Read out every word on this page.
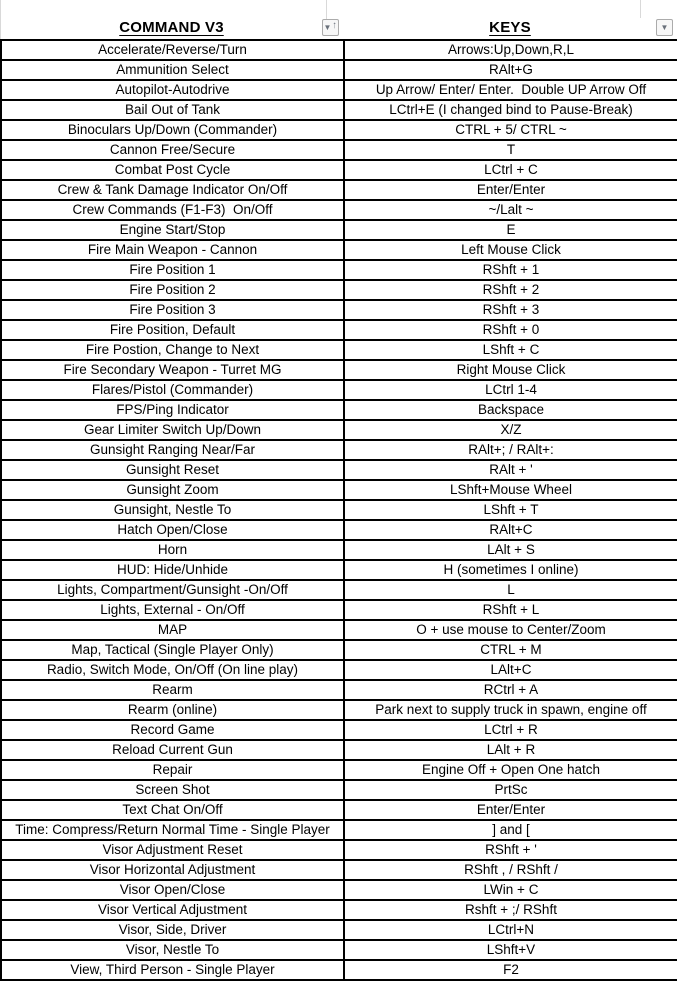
COMMAND V3	▼ ↑	KEYS	▼
Accelerate/Reverse/Turn	Arrows:Up,Down,R,L
Ammunition Select	RAlt+G
Autopilot-Autodrive	Up Arrow/ Enter/ Enter.  Double UP Arrow Off
Bail Out of Tank	LCtrl+E (I changed bind to Pause-Break)
Binoculars Up/Down (Commander)	CTRL + 5/ CTRL ~
Cannon Free/Secure	T
Combat Post Cycle	LCtrl + C
Crew & Tank Damage Indicator On/Off	Enter/Enter
Crew Commands (F1-F3)  On/Off	~/Lalt ~
Engine Start/Stop	E
Fire Main Weapon - Cannon	Left Mouse Click
Fire Position 1	RShft + 1
Fire Position 2	RShft + 2
Fire Position 3	RShft + 3
Fire Position, Default	RShft + 0
Fire Postion, Change to Next	LShft + C
Fire Secondary Weapon - Turret MG	Right Mouse Click
Flares/Pistol (Commander)	LCtrl 1-4
FPS/Ping Indicator	Backspace
Gear Limiter Switch Up/Down	X/Z
Gunsight Ranging Near/Far	RAlt+; / RAlt+:
Gunsight Reset	RAlt + '
Gunsight Zoom	LShft+Mouse Wheel
Gunsight, Nestle To	LShft + T
Hatch Open/Close	RAlt+C
Horn	LAlt + S
HUD: Hide/Unhide	H (sometimes I online)
Lights, Compartment/Gunsight -On/Off	L
Lights, External - On/Off	RShft + L
MAP	O + use mouse to Center/Zoom
Map, Tactical (Single Player Only)	CTRL + M
Radio, Switch Mode, On/Off (On line play)	LAlt+C
Rearm	RCtrl + A
Rearm (online)	Park next to supply truck in spawn, engine off
Record Game	LCtrl + R
Reload Current Gun	LAlt + R
Repair	Engine Off + Open One hatch
Screen Shot	PrtSc
Text Chat On/Off	Enter/Enter
Time: Compress/Return Normal Time - Single Player	] and [
Visor Adjustment Reset	RShft + '
Visor Horizontal Adjustment	RShft , / RShft /
Visor Open/Close	LWin + C
Visor Vertical Adjustment	Rshft + ;/ RShft
Visor, Side, Driver	LCtrl+N
Visor, Nestle To	LShft+V
View, Third Person - Single Player	F2
